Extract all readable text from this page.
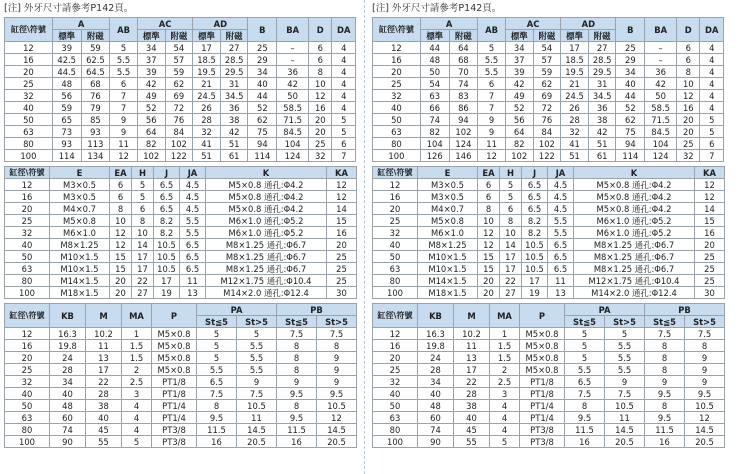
[注] 外牙尺寸請參考P142頁。
缸徑\符號	A		AB	AC		AD		B	BA	D	DA
	標準	附磁		標準	附磁	標準	附磁				
12	39	59	5	34	54	17	27	25	–	6	4
16	42.5	62.5	5.5	37	57	18.5	28.5	29	–	6	4
20	44.5	64.5	5.5	39	59	19.5	29.5	34	36	8	4
25	48	68	6	42	62	21	31	40	42	10	4
32	56	76	7	49	69	24.5	34.5	44	50	12	4
40	59	79	7	52	72	26	36	52	58.5	16	4
50	65	85	9	56	76	28	38	62	71.5	20	5
63	73	93	9	64	84	32	42	75	84.5	20	5
80	93	113	11	82	102	41	51	94	104	25	6
100	114	134	12	102	122	51	61	114	124	32	7
缸徑\符號	E	EA	H	J	JA	K	KA
12	M3×0.5	6	5	6.5	4.5	M5×0.8 通孔:Φ4.2	12
16	M3×0.5	6	5	6.5	4.5	M5×0.8 通孔:Φ4.2	12
20	M4×0.7	8	6	6.5	4.5	M5×0.8 通孔:Φ4.2	14
25	M5×0.8	10	8	8.2	5.5	M6×1.0 通孔:Φ5.2	15
32	M6×1.0	12	10	8.2	5.5	M6×1.0 通孔:Φ5.2	16
40	M8×1.25	12	14	10.5	6.5	M8×1.25 通孔:Φ6.7	20
50	M10×1.5	15	17	10.5	6.5	M8×1.25 通孔:Φ6.7	25
63	M10×1.5	15	17	10.5	6.5	M8×1.25 通孔:Φ6.7	25
80	M14×1.5	20	22	17	11	M12×1.75 通孔:Φ10.4	25
100	M18×1.5	20	27	19	13	M14×2.0 通孔:Φ12.4	30
缸徑\符號	KB	M	MA	P	PA		PB	
					St≦5	St>5	St≦5	St>5
12	16.3	10.2	1	M5×0.8	5	5	7.5	7.5
16	19.8	11	1.5	M5×0.8	5	5.5	8	8
20	24	13	1.5	M5×0.8	5	5.5	8	9
25	28	17	2	M5×0.8	5.5	5.5	8	9
32	34	22	2.5	PT1/8	6.5	9	9	9
40	40	28	3	PT1/8	7.5	7.5	9.5	9.5
50	48	38	4	PT1/4	8	10.5	8	10.5
63	60	40	4	PT1/4	9.5	11	9.5	12
80	74	45	4	PT3/8	11.5	14.5	11.5	14.5
100	90	55	5	PT3/8	16	20.5	16	20.5
[注] 外牙尺寸請參考P142頁。
缸徑\符號	A		AB	AC		AD		B	BA	D	DA
	標準	附磁		標準	附磁	標準	附磁				
12	44	64	5	34	54	17	27	25	–	6	4
16	48	68	5.5	37	57	18.5	28.5	29	–	6	4
20	50	70	5.5	39	59	19.5	29.5	34	36	8	4
25	54	74	6	42	62	21	31	40	42	10	4
32	63	83	7	49	69	24.5	34.5	44	50	12	4
40	66	86	7	52	72	26	36	52	58.5	16	4
50	74	94	9	56	76	28	38	62	71.5	20	5
63	82	102	9	64	84	32	42	75	84.5	20	5
80	104	124	11	82	102	41	51	94	104	25	6
100	126	146	12	102	122	51	61	114	124	32	7
缸徑\符號	E	EA	H	J	JA	K	KA
12	M3×0.5	6	5	6.5	4.5	M5×0.8 通孔:Φ4.2	12
16	M3×0.5	6	5	6.5	4.5	M5×0.8 通孔:Φ4.2	12
20	M4×0.7	8	6	6.5	4.5	M5×0.8 通孔:Φ4.2	14
25	M5×0.8	10	8	8.2	5.5	M6×1.0 通孔:Φ5.2	15
32	M6×1.0	12	10	8.2	5.5	M6×1.0 通孔:Φ5.2	16
40	M8×1.25	12	14	10.5	6.5	M8×1.25 通孔:Φ6.7	20
50	M10×1.5	15	17	10.5	6.5	M8×1.25 通孔:Φ6.7	25
63	M10×1.5	15	17	10.5	6.5	M8×1.25 通孔:Φ6.7	25
80	M14×1.5	20	22	17	11	M12×1.75 通孔:Φ10.4	25
100	M18×1.5	20	27	19	13	M14×2.0 通孔:Φ12.4	30
缸徑\符號	KB	M	MA	P	PA		PB	
					St≦5	St>5	St≦5	St>5
12	16.3	10.2	1	M5×0.8	5	5	7.5	7.5
16	19.8	11	1.5	M5×0.8	5	5.5	8	8
20	24	13	1.5	M5×0.8	5	5.5	8	9
25	28	17	2	M5×0.8	5.5	5.5	8	9
32	34	22	2.5	PT1/8	6.5	9	9	9
40	40	28	3	PT1/8	7.5	7.5	9.5	9.5
50	48	38	4	PT1/4	8	10.5	8	10.5
63	60	40	4	PT1/4	9.5	11	9.5	12
80	74	45	4	PT3/8	11.5	14.5	11.5	14.5
100	90	55	5	PT3/8	16	20.5	16	20.5
